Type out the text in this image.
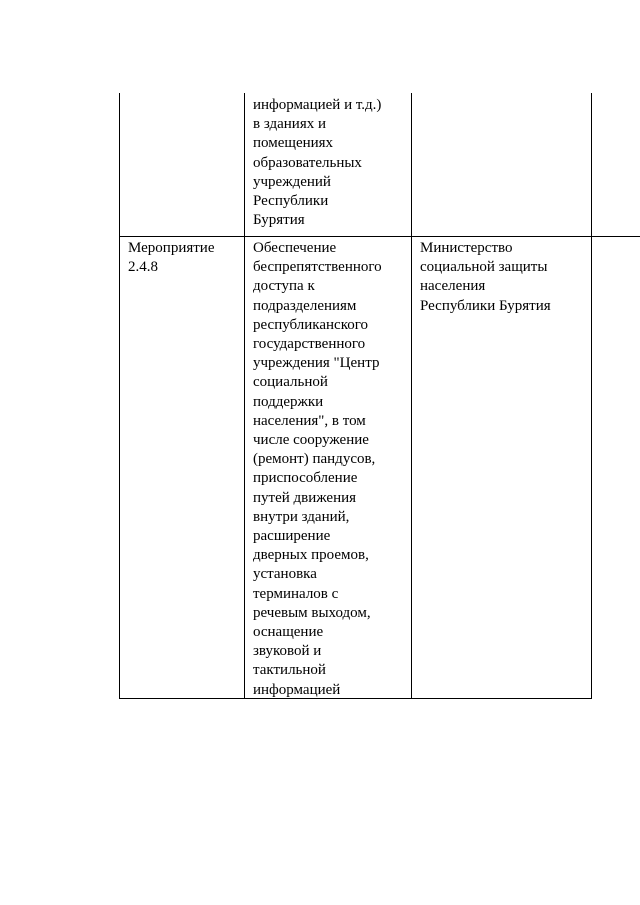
информацией и т.д.)
в зданиях и
помещениях
образовательных
учреждений
Республики
Бурятия
Мероприятие
2.4.8
Обеспечение
беспрепятственного
доступа к
подразделениям
республиканского
государственного
учреждения "Центр
социальной
поддержки
населения", в том
числе сооружение
(ремонт) пандусов,
приспособление
путей движения
внутри зданий,
расширение
дверных проемов,
установка
терминалов с
речевым выходом,
оснащение
звуковой и
тактильной
информацией
Министерство
социальной защиты
населения
Республики Бурятия
